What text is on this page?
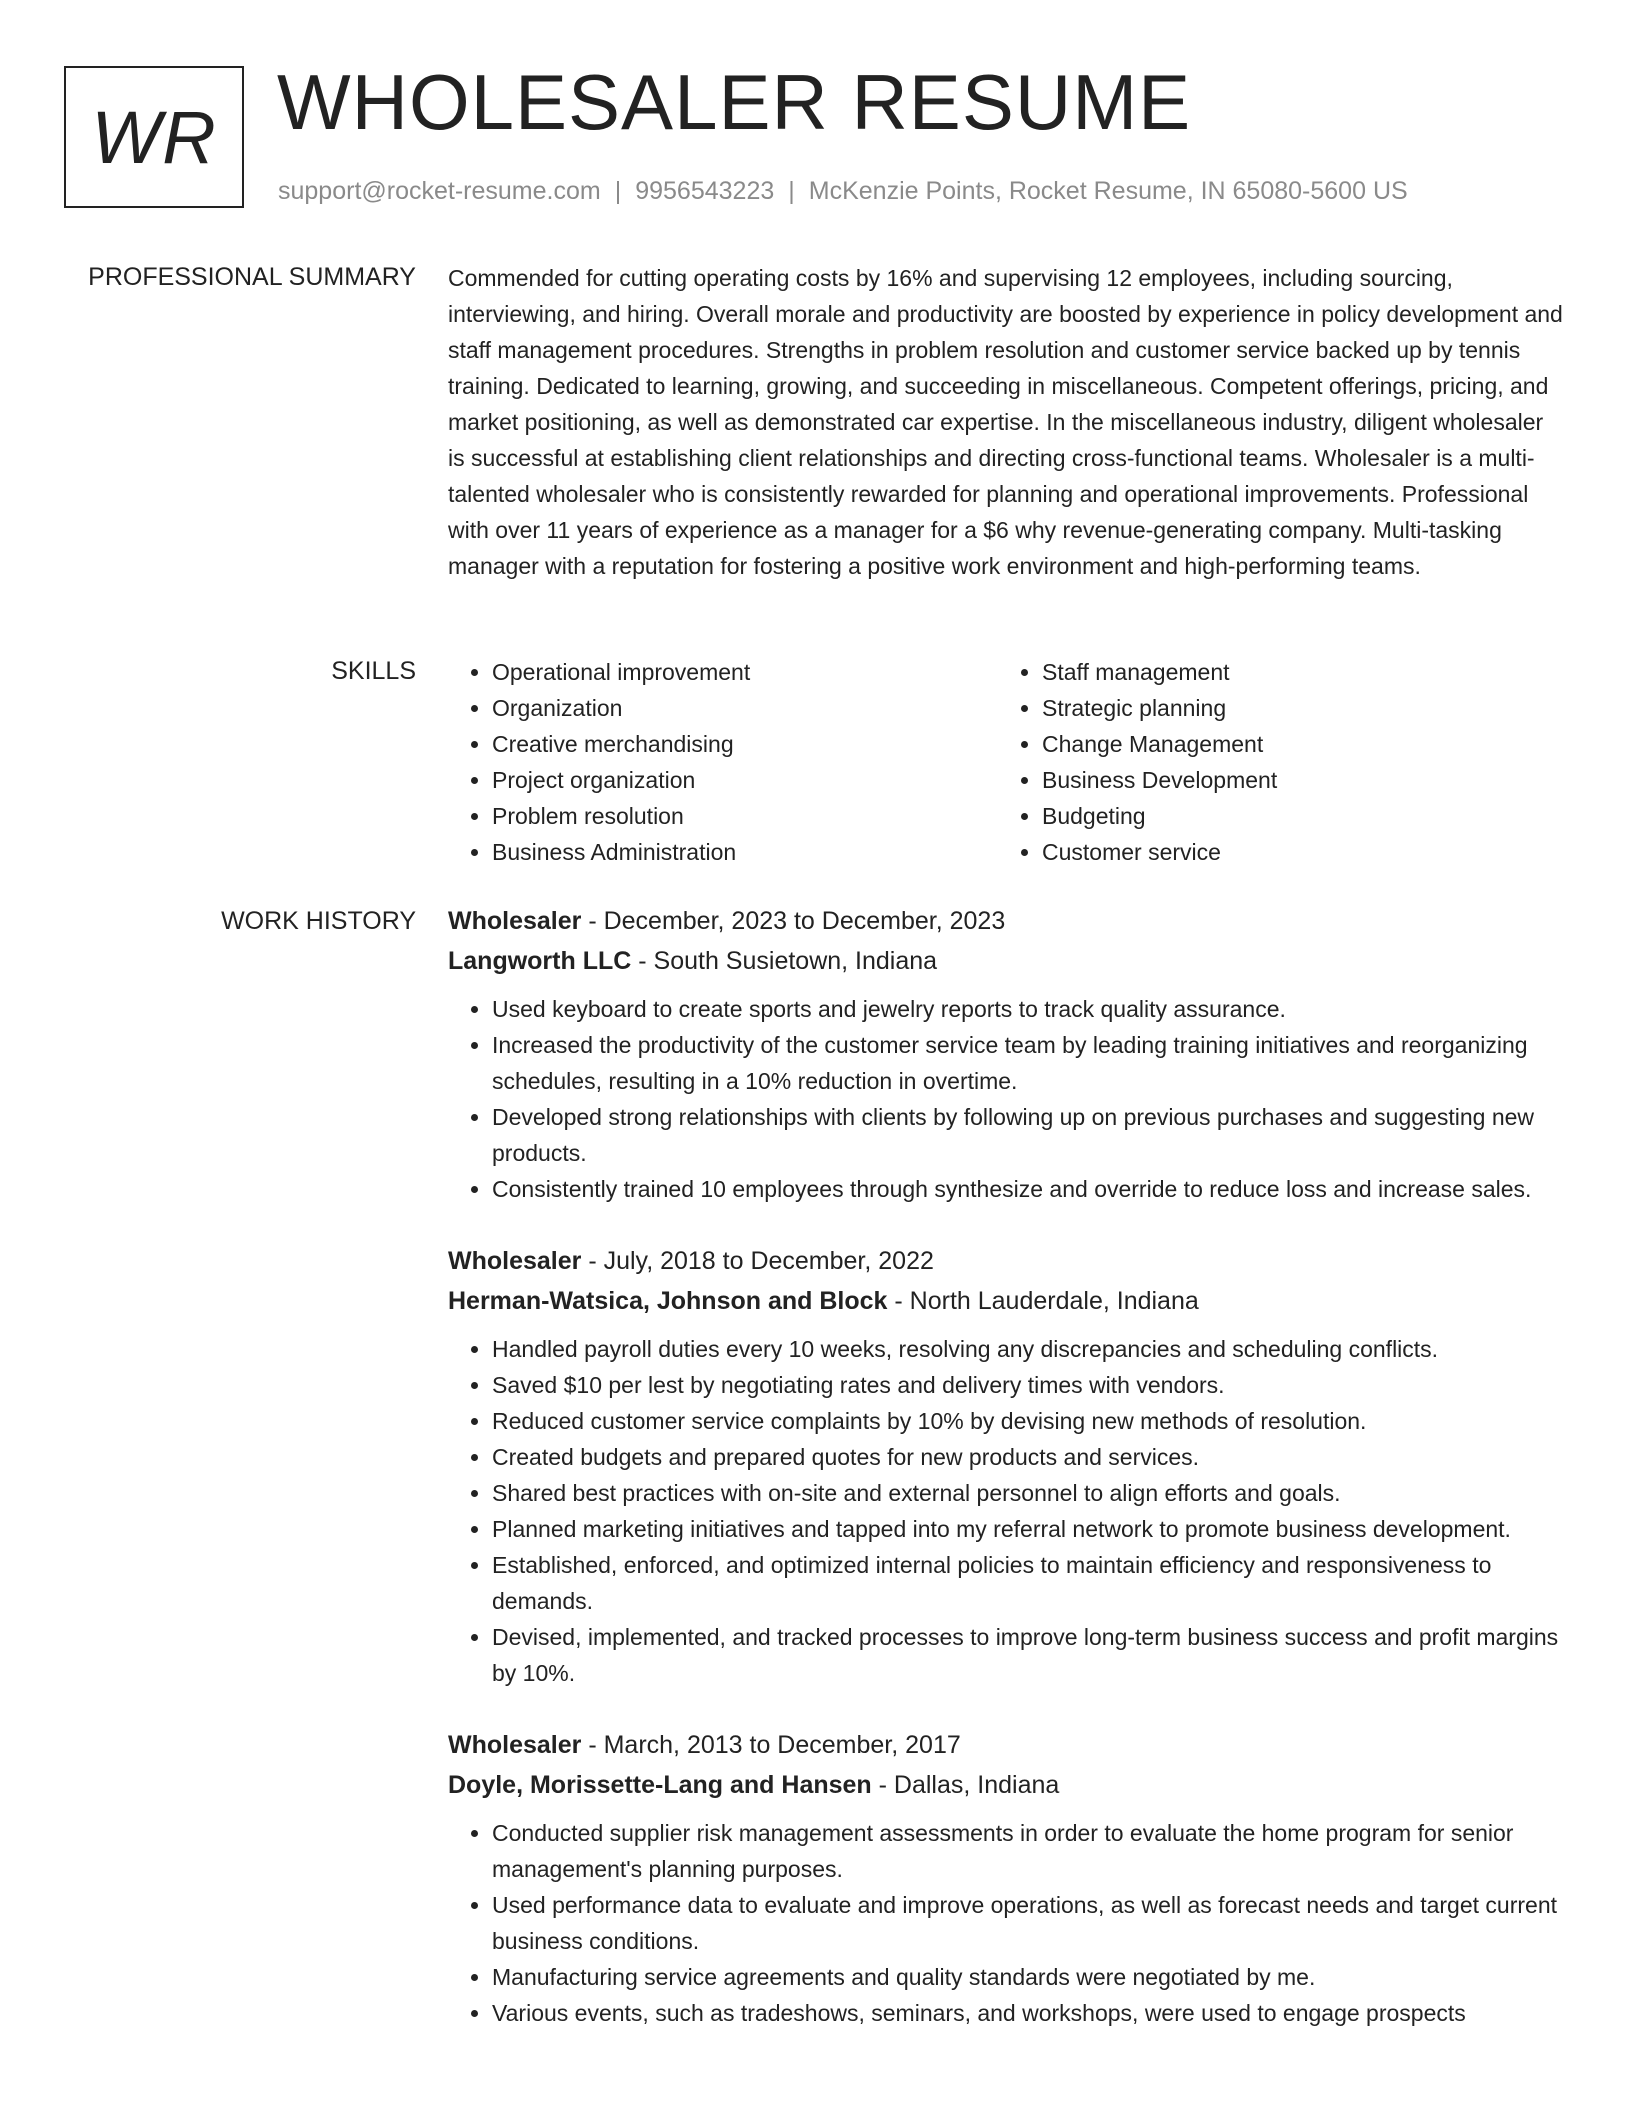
WR WHOLESALER RESUME
support@rocket-resume.com | 9956543223 | McKenzie Points, Rocket Resume, IN 65080-5600 US
PROFESSIONAL SUMMARY Commended for cutting operating costs by 16% and supervising 12 employees, including sourcing, interviewing, and hiring. Overall morale and productivity are boosted by experience in policy development and staff management procedures. Strengths in problem resolution and customer service backed up by tennis training. Dedicated to learning, growing, and succeeding in miscellaneous. Competent offerings, pricing, and market positioning, as well as demonstrated car expertise. In the miscellaneous industry, diligent wholesaler is successful at establishing client relationships and directing cross-functional teams. Wholesaler is a multi-talented wholesaler who is consistently rewarded for planning and operational improvements. Professional with over 11 years of experience as a manager for a $6 why revenue-generating company. Multi-tasking manager with a reputation for fostering a positive work environment and high-performing teams.

SKILLS
•	Operational improvement
• Organization
• Creative merchandising
• Project organization
• Problem resolution
• Business Administration
• Staff management
• Strategic planning
• Change Management
• Business Development
• Budgeting
• Customer service
WORK HISTORY Wholesaler - December, 2023 to December, 2023
Langworth LLC - South Susietown, Indiana
• Used keyboard to create sports and jewelry reports to track quality assurance.
• Increased the productivity of the customer service team by leading training initiatives and reorganizing schedules, resulting in a 10% reduction in overtime.
• Developed strong relationships with clients by following up on previous purchases and suggesting new products.
• Consistently trained 10 employees through synthesize and override to reduce loss and increase sales.
Wholesaler - July, 2018 to December, 2022
Herman-Watsica, Johnson and Block - North Lauderdale, Indiana
• Handled payroll duties every 10 weeks, resolving any discrepancies and scheduling conflicts.
• Saved $10 per lest by negotiating rates and delivery times with vendors.
• Reduced customer service complaints by 10% by devising new methods of resolution.
• Created budgets and prepared quotes for new products and services.
• Shared best practices with on-site and external personnel to align efforts and goals.
• Planned marketing initiatives and tapped into my referral network to promote business development.
• Established, enforced, and optimized internal policies to maintain efficiency and responsiveness to demands.
• Devised, implemented, and tracked processes to improve long-term business success and profit margins by 10%.
Wholesaler - March, 2013 to December, 2017
Doyle, Morissette-Lang and Hansen - Dallas, Indiana
• Conducted supplier risk management assessments in order to evaluate the home program for senior management's planning purposes.
• Used performance data to evaluate and improve operations, as well as forecast needs and target current business conditions.
• Manufacturing service agreements and quality standards were negotiated by me.
• Various events, such as tradeshows, seminars, and workshops, were used to engage prospects
